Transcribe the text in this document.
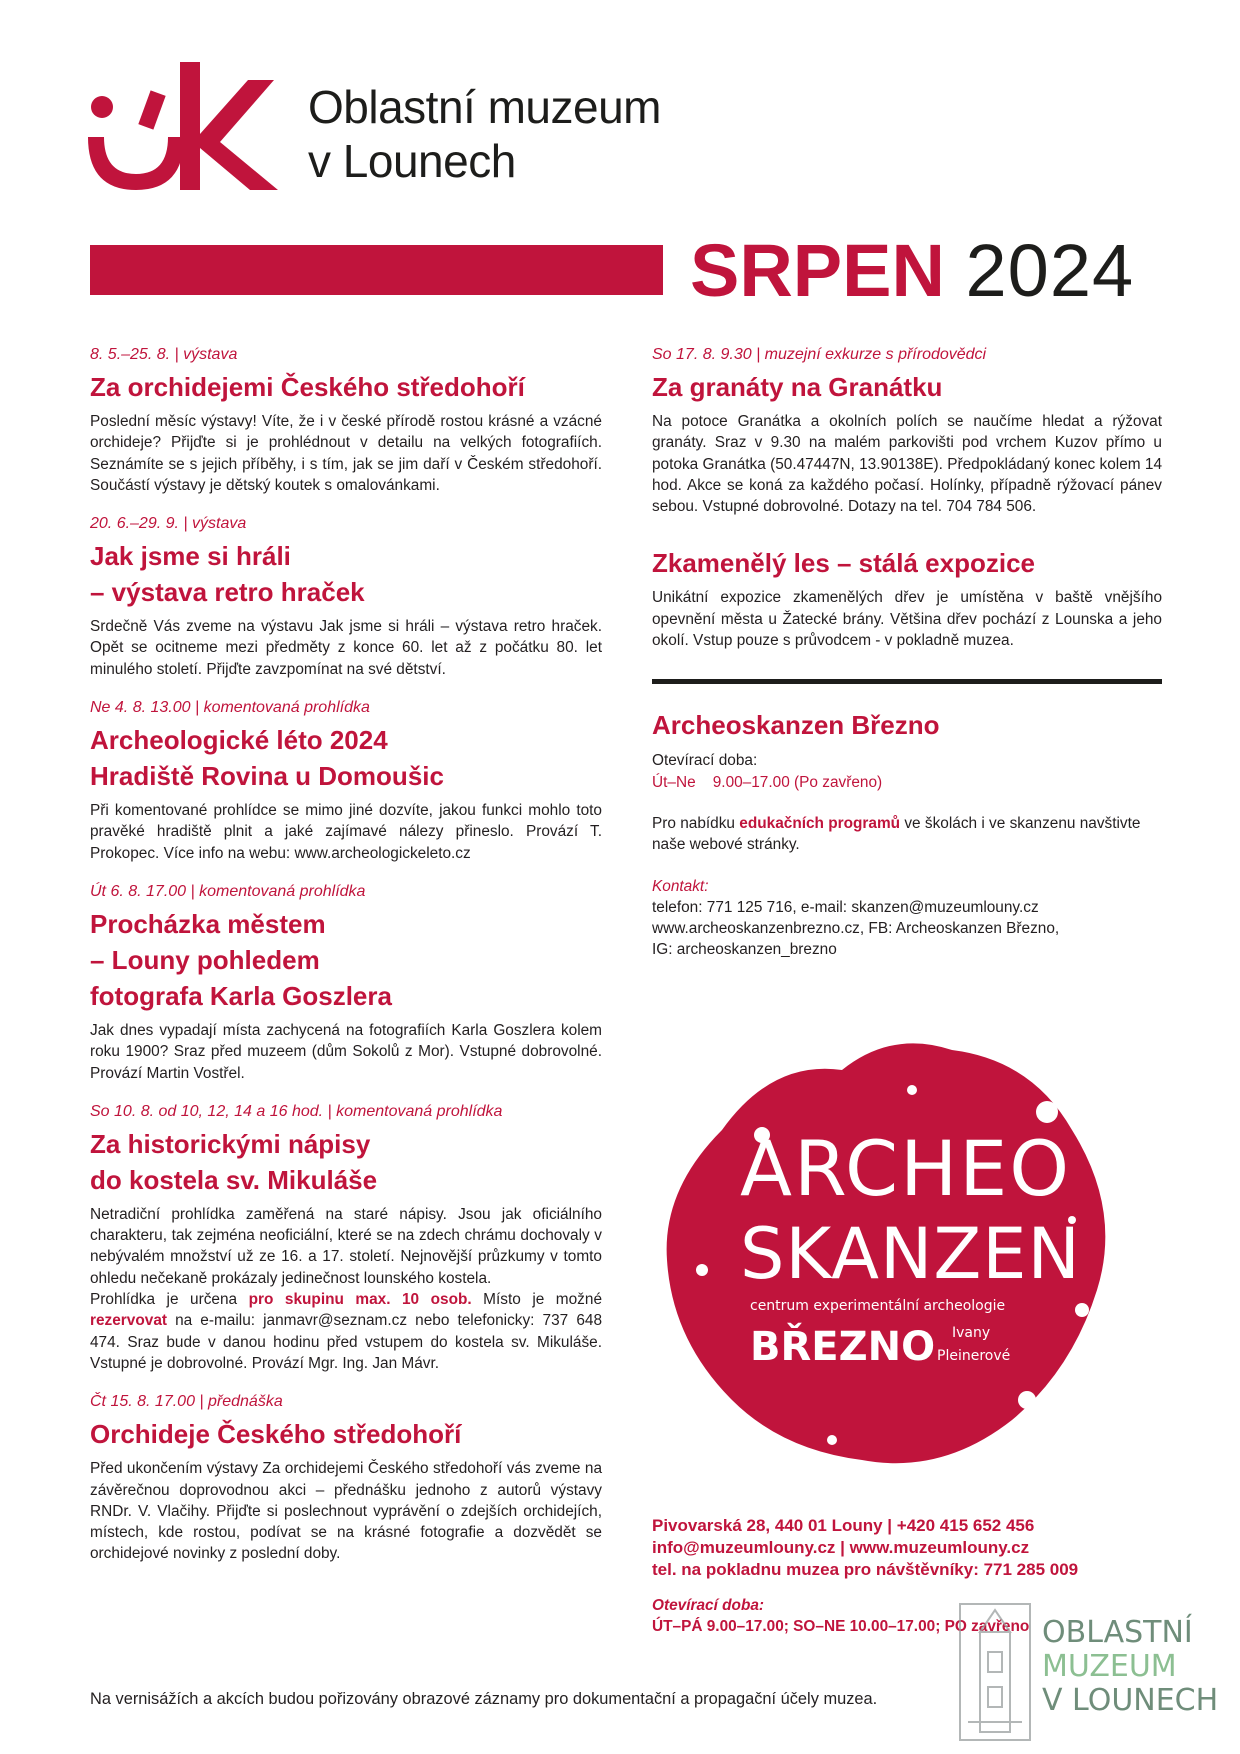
Oblastní muzeum
v Lounech
SRPEN 2024
8. 5.–25. 8. | výstava
Za orchidejemi Českého středohoří
Poslední měsíc výstavy! Víte, že i v české přírodě rostou krásné a vzácné orchideje? Přijďte si je prohlédnout v detailu na velkých fotografiích. Seznámíte se s jejich příběhy, i s tím, jak se jim daří v Českém středohoří. Součástí výstavy je dětský koutek s omalovánkami.
20. 6.–29. 9. | výstava
Jak jsme si hráli
– výstava retro hraček
Srdečně Vás zveme na výstavu Jak jsme si hráli – výstava retro hraček. Opět se ocitneme mezi předměty z konce 60. let až z počátku 80. let minulého století. Přijďte zavzpomínat na své dětství.
Ne 4. 8. 13.00 | komentovaná prohlídka
Archeologické léto 2024
Hradiště Rovina u Domoušic
Při komentované prohlídce se mimo jiné dozvíte, jakou funkci mohlo toto pravěké hradiště plnit a jaké zajímavé nálezy přineslo. Provází T. Prokopec. Více info na webu: www.archeologickeleto.cz
Út 6. 8. 17.00 | komentovaná prohlídka
Procházka městem
– Louny pohledem
fotografa Karla Goszlera
Jak dnes vypadají místa zachycená na fotografiích Karla Goszlera kolem roku 1900? Sraz před muzeem (dům Sokolů z Mor). Vstupné dobrovolné. Provází Martin Vostřel.
So 10. 8. od 10, 12, 14 a 16 hod. | komentovaná prohlídka
Za historickými nápisy
do kostela sv. Mikuláše

Netradiční prohlídka zaměřená na staré nápisy. Jsou jak oficiálního charakteru, tak zejména neoficiální, které se na zdech chrámu dochovaly v nebývalém množství už ze 16. a 17. století. Nejnovější průzkumy v tomto ohledu nečekaně prokázaly jedinečnost lounského kostela.

Prohlídka je určena pro skupinu max. 10 osob. Místo je možné rezervovat na e-mailu: janmavr@seznam.cz nebo telefonicky: 737 648 474. Sraz bude v danou hodinu před vstupem do kostela sv. Mikuláše. Vstupné je dobrovolné. Provází Mgr. Ing. Jan Mávr.

Čt 15. 8. 17.00 | přednáška
Orchideje Českého středohoří
Před ukončením výstavy Za orchidejemi Českého středohoří vás zveme na závěrečnou doprovodnou akci – přednášku jednoho z autorů výstavy RNDr. V. Vlačihy. Přijďte si poslechnout vyprávění o zdejších orchidejích, místech, kde rostou, podívat se na krásné fotografie a dozvědět se orchidejové novinky z poslední doby.
So 17. 8. 9.30 | muzejní exkurze s přírodovědci
Za granáty na Granátku
Na potoce Granátka a okolních polích se naučíme hledat a rýžovat granáty. Sraz v 9.30 na malém parkovišti pod vrchem Kuzov přímo u potoka Granátka (50.47447N, 13.90138E). Předpokládaný konec kolem 14 hod. Akce se koná za každého počasí. Holínky, případně rýžovací pánev sebou. Vstupné dobrovolné. Dotazy na tel. 704 784 506.
Zkamenělý les – stálá expozice
Unikátní expozice zkamenělých dřev je umístěna v baště vnějšího opevnění města u Žatecké brány. Většina dřev pochází z Lounska a jeho okolí. Vstup pouze s průvodcem - v pokladně muzea.
Archeoskanzen Březno
Otevírací doba:
Út–Ne    9.00–17.00 (Po zavřeno)
Pro nabídku edukačních programů ve školách i ve skanzenu navštivte naše webové stránky.
Kontakt:
telefon: 771 125 716, e-mail: skanzen@muzeumlouny.cz
www.archeoskanzenbrezno.cz, FB: Archeoskanzen Březno,
IG: archeoskanzen_brezno
ARCHEO
SKANZEN
centrum experimentální archeologie
BŘEZNO Ivany
Pleinerové
Pivovarská 28, 440 01 Louny | +420 415 652 456
info@muzeumlouny.cz | www.muzeumlouny.cz
tel. na pokladnu muzea pro návštěvníky: 771 285 009
Otevírací doba:
ÚT–PÁ 9.00–17.00; SO–NE 10.00–17.00; PO zavřeno OBLASTNÍ
MUZEUM
V LOUNECH
Na vernisážích a akcích budou pořizovány obrazové záznamy pro dokumentační a propagační účely muzea.
